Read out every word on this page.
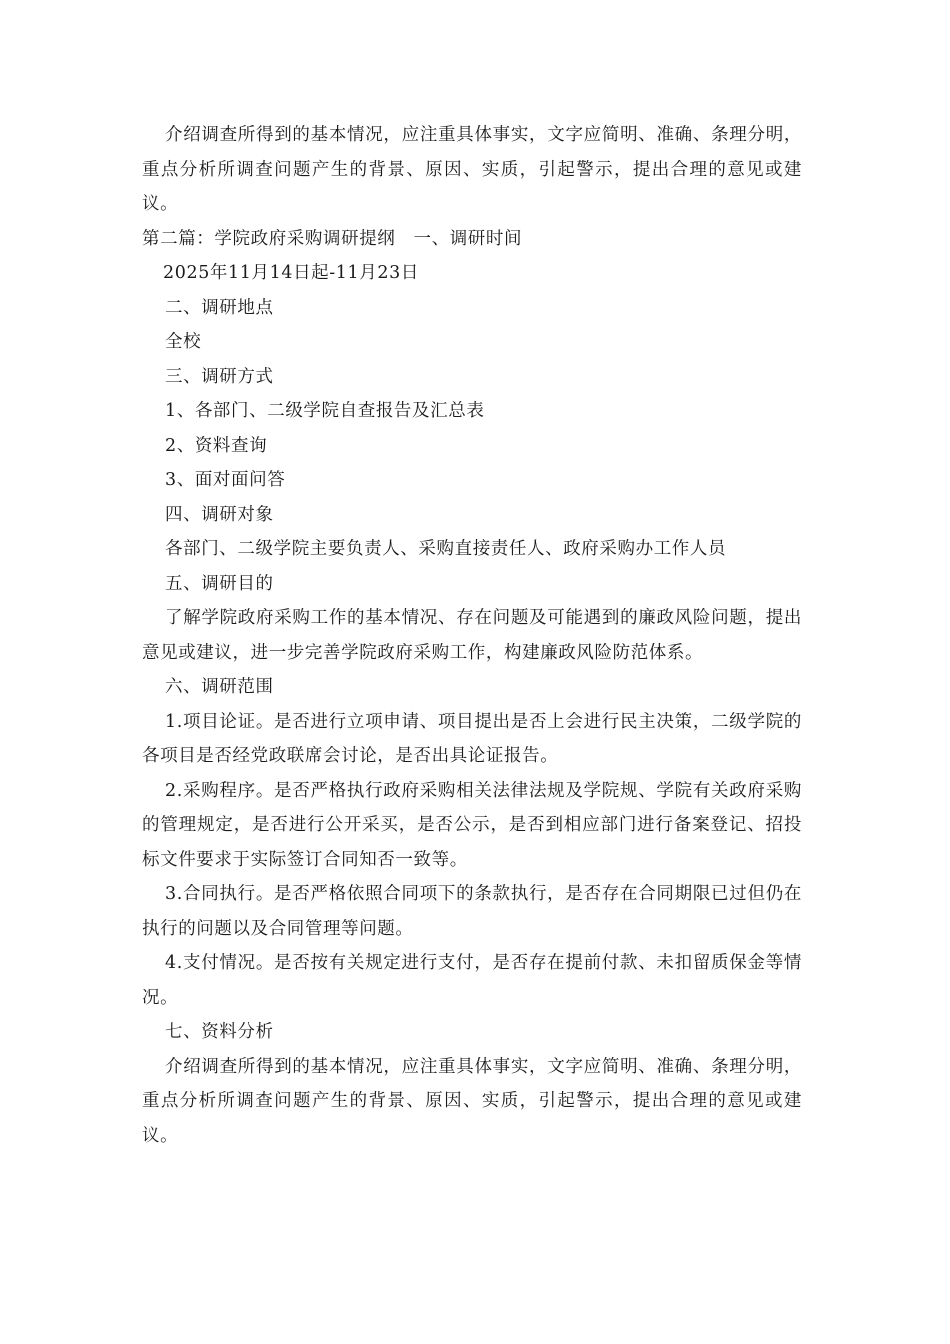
介绍调查所得到的基本情况，应注重具体事实，文字应简明、准确、条理分明，重点分析所调查问题产生的背景、原因、实质，引起警示，提出合理的意见或建议。

第二篇：学院政府采购调研提纲　一、调研时间

2025年11月14日起-11月23日

二、调研地点

全校

三、调研方式

1、各部门、二级学院自查报告及汇总表

2、资料查询

3、面对面问答

四、调研对象

各部门、二级学院主要负责人、采购直接责任人、政府采购办工作人员

五、调研目的

了解学院政府采购工作的基本情况、存在问题及可能遇到的廉政风险问题，提出意见或建议，进一步完善学院政府采购工作，构建廉政风险防范体系。

六、调研范围

1.项目论证。是否进行立项申请、项目提出是否上会进行民主决策，二级学院的各项目是否经党政联席会讨论，是否出具论证报告。

2.采购程序。是否严格执行政府采购相关法律法规及学院规、学院有关政府采购的管理规定，是否进行公开采买，是否公示，是否到相应部门进行备案登记、招投标文件要求于实际签订合同知否一致等。

3.合同执行。是否严格依照合同项下的条款执行，是否存在合同期限已过但仍在执行的问题以及合同管理等问题。

4.支付情况。是否按有关规定进行支付，是否存在提前付款、未扣留质保金等情况。

七、资料分析

介绍调查所得到的基本情况，应注重具体事实，文字应简明、准确、条理分明，重点分析所调查问题产生的背景、原因、实质，引起警示，提出合理的意见或建议。
